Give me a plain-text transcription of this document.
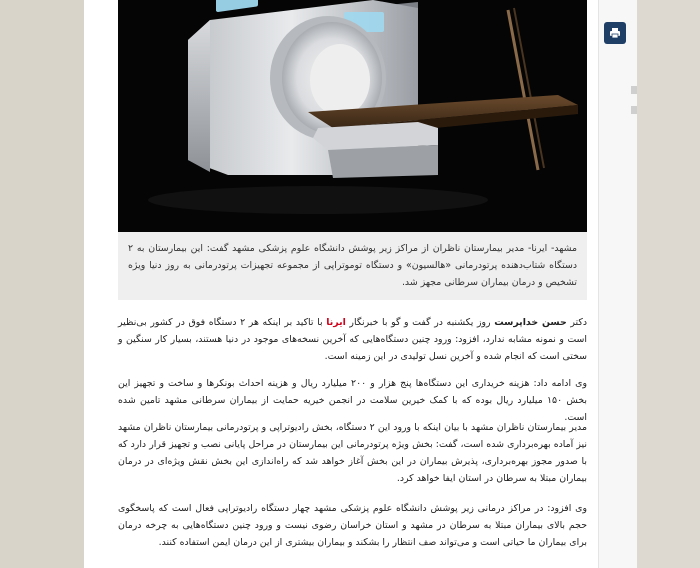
مشهد- ایرنا- مدیر بیمارستان ناظران از مراکز زیر پوشش دانشگاه علوم پزشکی مشهد گفت: این بیمارستان به ۲ دستگاه شتاب‌دهنده پرتودرمانی «هالسیون» و دستگاه توموتراپی از مجموعه تجهیزات پرتودرمانی به روز دنیا ویژه تشخیص و درمان بیماران سرطانی مجهز شد.
دکتر حسن خداپرست روز یکشنبه در گفت و گو با خبرنگار ایرنا با تاکید بر اینکه هر ۲ دستگاه فوق در کشور بی‌نظیر است و نمونه مشابه ندارد، افزود: ورود چنین دستگاه‌هایی که آخرین نسخه‌های موجود در دنیا هستند، بسیار کار سنگین و سختی است که انجام شده و آخرین نسل تولیدی در این زمینه است.
وی ادامه داد: هزینه خریداری این دستگاه‌ها پنج هزار و ۲۰۰ میلیارد ریال و هزینه احداث بونکرها و ساخت و تجهیز این بخش ۱۵۰ میلیارد ریال بوده که با کمک خیرین سلامت در انجمن خیریه حمایت از بیماران سرطانی مشهد تامین شده است.
مدیر بیمارستان ناظران مشهد با بیان اینکه با ورود این ۲ دستگاه، بخش رادیوتراپی و پرتودرمانی بیمارستان ناظران مشهد نیز آماده بهره‌برداری شده است، گفت: بخش ویژه پرتودرمانی این بیمارستان در مراحل پایانی نصب و تجهیز قرار دارد که با صدور مجوز بهره‌برداری، پذیرش بیماران در این بخش آغاز خواهد شد که راه‌اندازی این بخش نقش ویژه‌ای در درمان بیماران مبتلا به سرطان در استان ایفا خواهد کرد.
وی افزود: در مراکز درمانی زیر پوشش دانشگاه علوم پزشکی مشهد چهار دستگاه رادیوتراپی فعال است که پاسخگوی حجم بالای بیماران مبتلا به سرطان در مشهد و استان خراسان رضوی نیست و ورود چنین دستگاه‌هایی به چرخه درمان برای بیماران ما حیاتی است و می‌تواند صف انتظار را بشکند و بیماران بیشتری از این درمان ایمن استفاده کنند.
